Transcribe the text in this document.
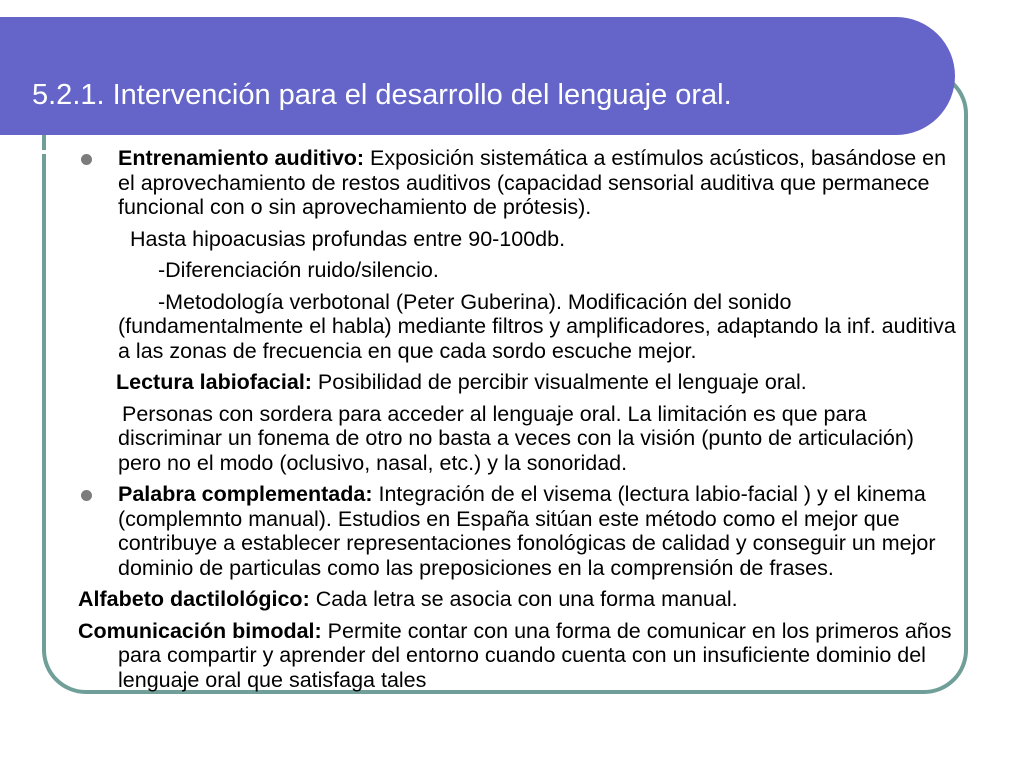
5.2.1. Intervención para el desarrollo del lenguaje oral.
Entrenamiento auditivo: Exposición sistemática a estímulos acústicos, basándose en el aprovechamiento de restos auditivos (capacidad sensorial auditiva que permanece funcional con o sin aprovechamiento de prótesis).
Hasta hipoacusias profundas entre 90-100db.
-Diferenciación ruido/silencio.
-Metodología verbotonal (Peter Guberina). Modificación del sonido (fundamentalmente el habla) mediante filtros y amplificadores, adaptando la inf. auditiva a las zonas de frecuencia en que cada sordo escuche mejor.
Lectura labiofacial: Posibilidad de percibir visualmente el lenguaje oral.
Personas con sordera para acceder al lenguaje oral. La limitación es que para discriminar un fonema de otro no basta a veces con la visión (punto de articulación) pero no el modo (oclusivo, nasal, etc.) y la sonoridad.
Palabra complementada: Integración de el visema (lectura labio-facial ) y el kinema (complemnto manual). Estudios en España sitúan este método como el mejor que contribuye a establecer representaciones fonológicas de calidad y conseguir un mejor dominio de particulas como las preposiciones en la comprensión de frases.
Alfabeto dactilológico: Cada letra se asocia con una forma manual.
Comunicación bimodal: Permite contar con una forma de comunicar en los primeros años para compartir y aprender del entorno cuando cuenta con un insuficiente dominio del lenguaje oral que satisfaga tales
